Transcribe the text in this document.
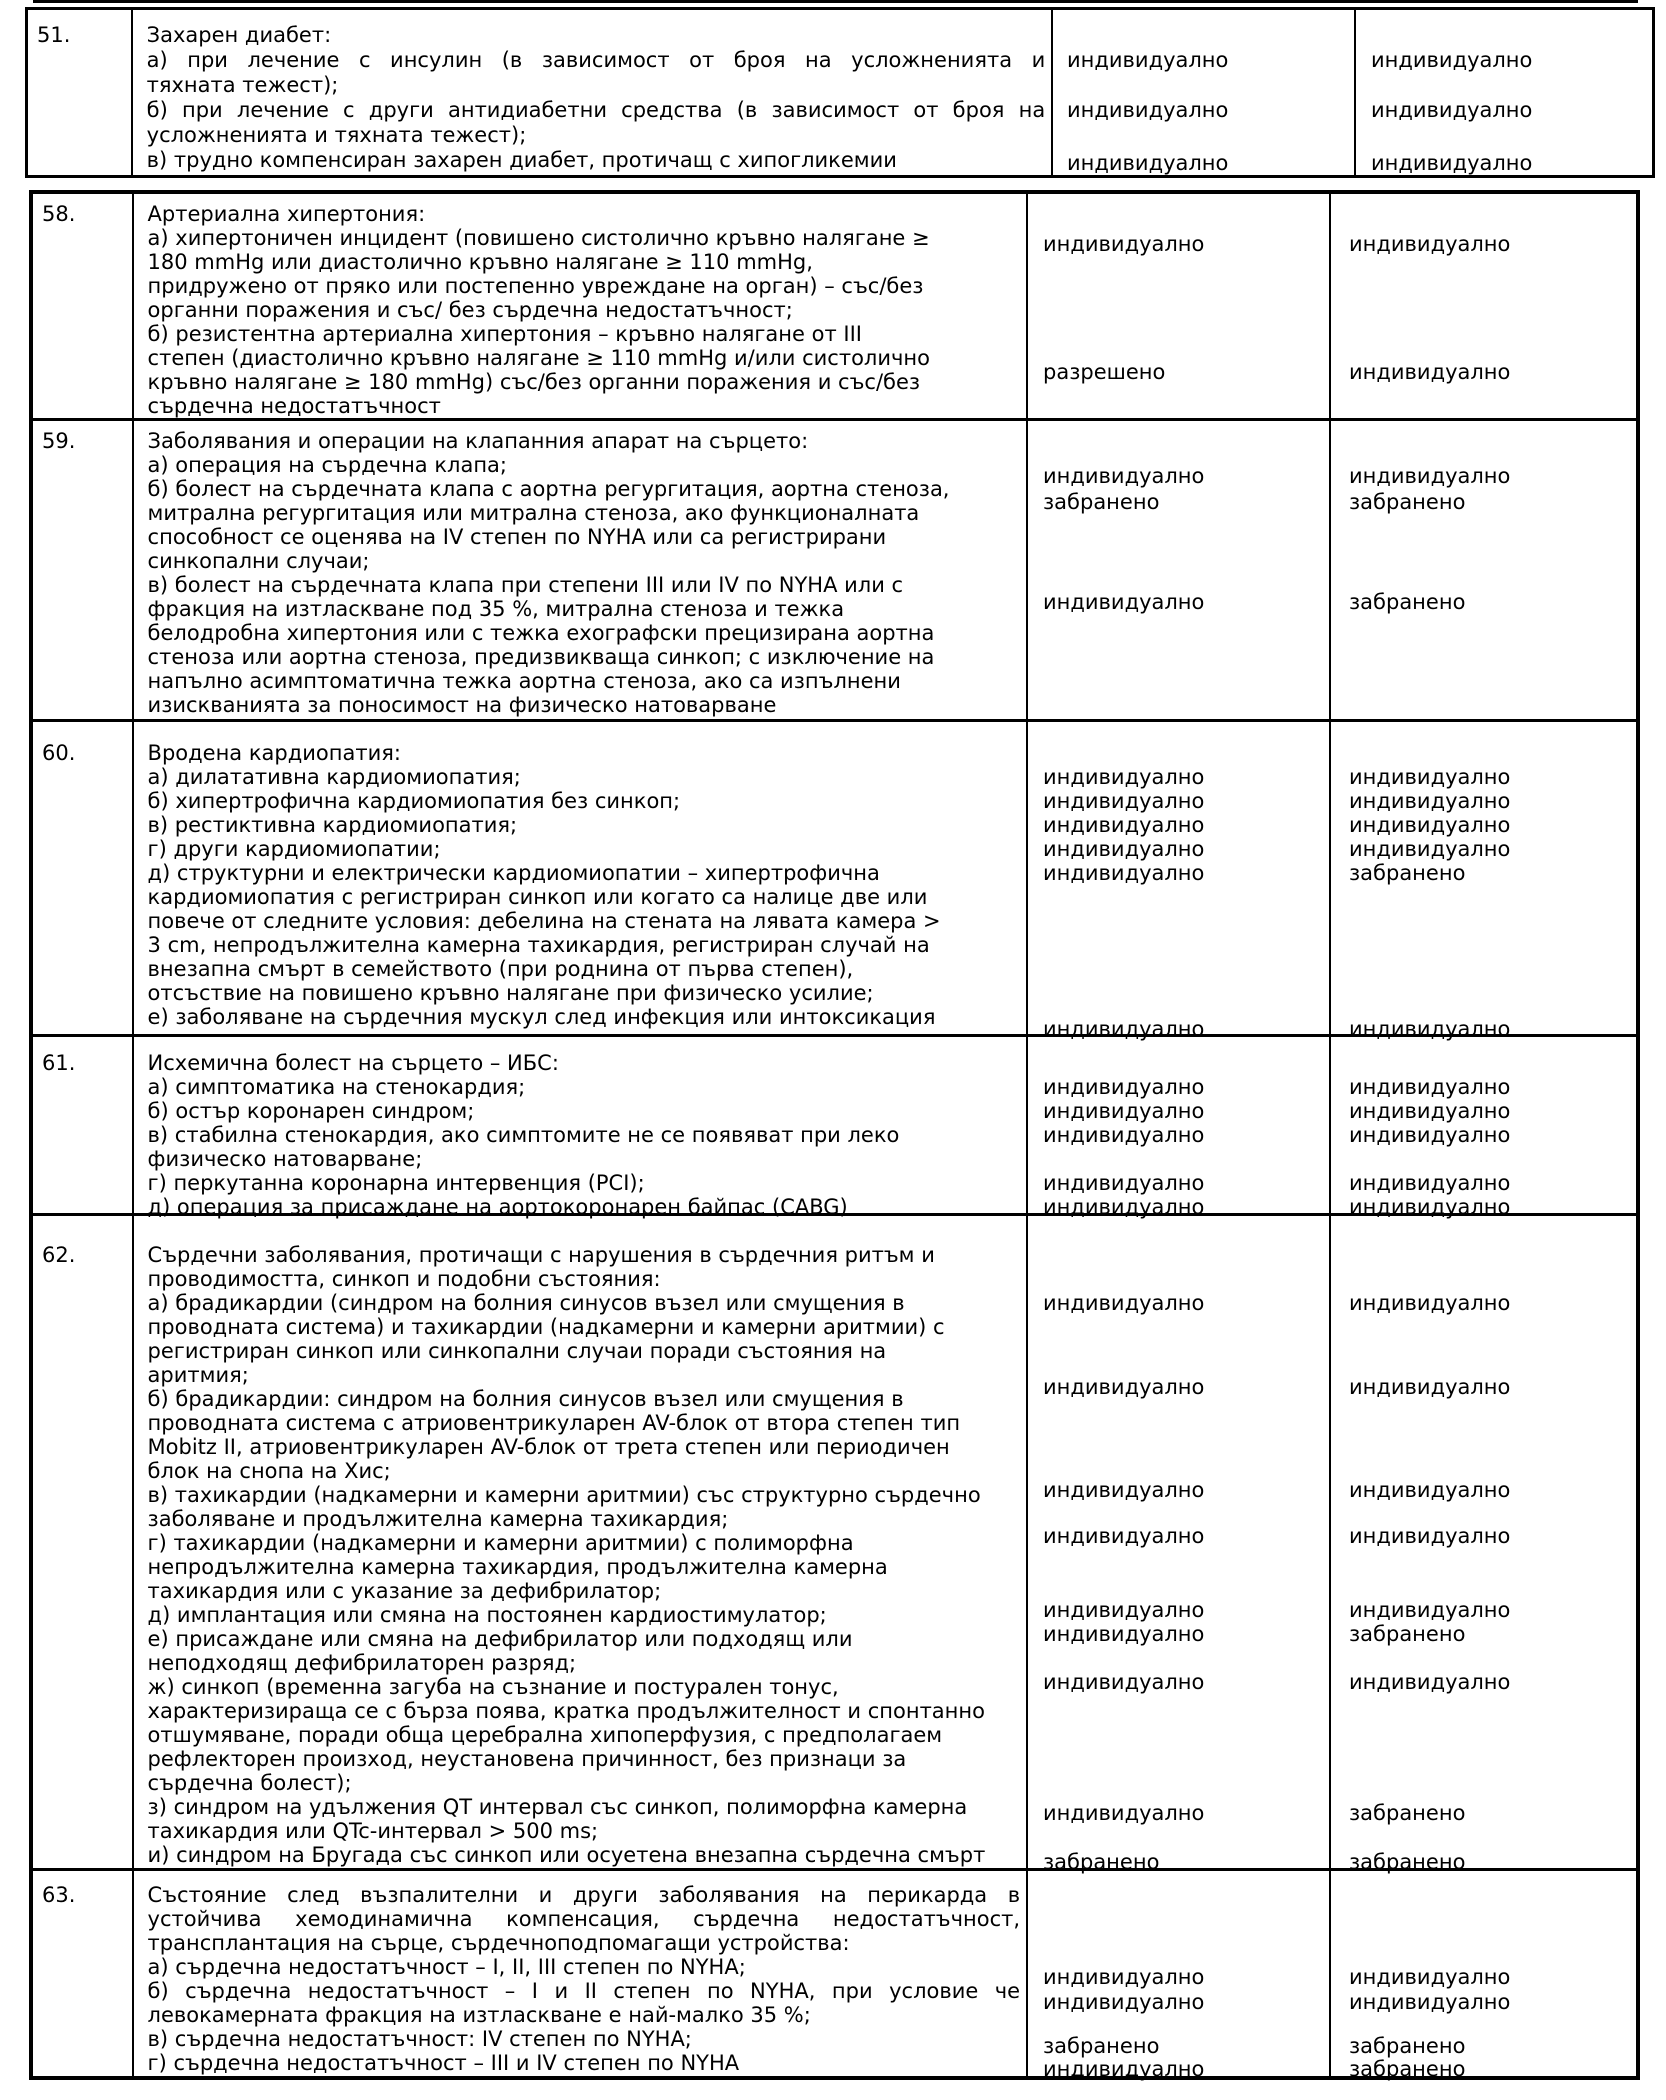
51.	Захарен диабет:
а) при лечение с инсулин (в зависимост от броя на усложненията и
тяхната тежест);
б) при лечение с други антидиабетни средства (в зависимост от броя на
усложненията и тяхната тежест);
в) трудно компенсиран захарен диабет, протичащ с хипогликемии
индивидуално	индивидуално
индивидуално	индивидуално
индивидуално	индивидуално
58.	Артериална хипертония:
а) хипертоничен инцидент (повишено систолично кръвно налягане ≥
180 mmHg или диастолично кръвно налягане ≥ 110 mmHg,
придружено от пряко или постепенно увреждане на орган) – със/без
органни поражения и със/ без сърдечна недостатъчност;
б) резистентна артериална хипертония – кръвно налягане от III
степен (диастолично кръвно налягане ≥ 110 mmHg и/или систолично
кръвно налягане ≥ 180 mmHg) със/без органни поражения и със/без
сърдечна недостатъчност
индивидуално	индивидуално
разрешено	индивидуално
59.	Заболявания и операции на клапанния апарат на сърцето:
а) операция на сърдечна клапа;
б) болест на сърдечната клапа с аортна регургитация, аортна стеноза,
митрална регургитация или митрална стеноза, ако функционалната
способност се оценява на IV степен по NYHA или са регистрирани
синкопални случаи;
в) болест на сърдечната клапа при степени III или IV по NYHA или с
фракция на изтласкване под 35 %, митрална стеноза и тежка
белодробна хипертония или с тежка ехографски прецизирана аортна
стеноза или аортна стеноза, предизвикваща синкоп; с изключение на
напълно асимптоматична тежка аортна стеноза, ако са изпълнени
изискванията за поносимост на физическо натоварване
индивидуално	индивидуално
забранено	забранено
индивидуално	забранено
60.	Вродена кардиопатия:
а) дилатативна кардиомиопатия;
б) хипертрофична кардиомиопатия без синкоп;
в) рестиктивна кардиомиопатия;
г) други кардиомиопатии;
д) структурни и електрически кардиомиопатии – хипертрофична
кардиомиопатия с регистриран синкоп или когато са налице две или
повече от следните условия: дебелина на стената на лявата камера >
3 cm, непродължителна камерна тахикардия, регистриран случай на
внезапна смърт в семейството (при роднина от първа степен),
отсъствие на повишено кръвно налягане при физическо усилие;
е) заболяване на сърдечния мускул след инфекция или интоксикация
индивидуално	индивидуално
индивидуално	индивидуално
индивидуално	индивидуално
индивидуално	индивидуално
индивидуално	забранено
индивидуално	индивидуално
61.	Исхемична болест на сърцето – ИБС:
а) симптоматика на стенокардия;
б) остър коронарен синдром;
в) стабилна стенокардия, ако симптомите не се появяват при леко
физическо натоварване;
г) перкутанна коронарна интервенция (PCI);
д) операция за присаждане на аортокоронарен байпас (CABG)
индивидуално	индивидуално
индивидуално	индивидуално
индивидуално	индивидуално
индивидуално	индивидуално
индивидуално	индивидуално
62.	Сърдечни заболявания, протичащи с нарушения в сърдечния ритъм и
проводимостта, синкоп и подобни състояния:
а) брадикардии (синдром на болния синусов възел или смущения в
проводната система) и тахикардии (надкамерни и камерни аритмии) с
регистриран синкоп или синкопални случаи поради състояния на
аритмия;
б) брадикардии: синдром на болния синусов възел или смущения в
проводната система с атриовентрикуларен AV-блок от втора степен тип
Mobitz II, атриовентрикуларен AV-блок от трета степен или периодичен
блок на снопа на Хис;
в) тахикардии (надкамерни и камерни аритмии) със структурно сърдечно
заболяване и продължителна камерна тахикардия;
г) тахикардии (надкамерни и камерни аритмии) с полиморфна
непродължителна камерна тахикардия, продължителна камерна
тахикардия или с указание за дефибрилатор;
д) имплантация или смяна на постоянен кардиостимулатор;
е) присаждане или смяна на дефибрилатор или подходящ или
неподходящ дефибрилаторен разряд;
ж) синкоп (временна загуба на съзнание и постурален тонус,
характеризираща се с бърза поява, кратка продължителност и спонтанно
отшумяване, поради обща церебрална хипоперфузия, с предполагаем
рефлекторен произход, неустановена причинност, без признаци за
сърдечна болест);
з) синдром на удължения QT интервал със синкоп, полиморфна камерна
тахикардия или QTc-интервал > 500 ms;
и) синдром на Бругада със синкоп или осуетена внезапна сърдечна смърт
индивидуално	индивидуално
индивидуално	индивидуално
индивидуално	индивидуално
индивидуално	индивидуално
индивидуално	индивидуално
индивидуално	забранено
индивидуално	индивидуално
индивидуално	забранено
забранено	забранено
63.	Състояние след възпалителни и други заболявания на перикарда в
устойчива хемодинамична компенсация, сърдечна недостатъчност,
трансплантация на сърце, сърдечноподпомагащи устройства:
а) сърдечна недостатъчност – I, II, III степен по NYHA;
б) сърдечна недостатъчност – I и II степен по NYHA, при условие че
левокамерната фракция на изтласкване е най-малко 35 %;
в) сърдечна недостатъчност: IV степен по NYHA;
г) сърдечна недостатъчност – III и IV степен по NYHA
индивидуално	индивидуално
индивидуално	индивидуално
забранено	забранено
индивидуално	забранено
